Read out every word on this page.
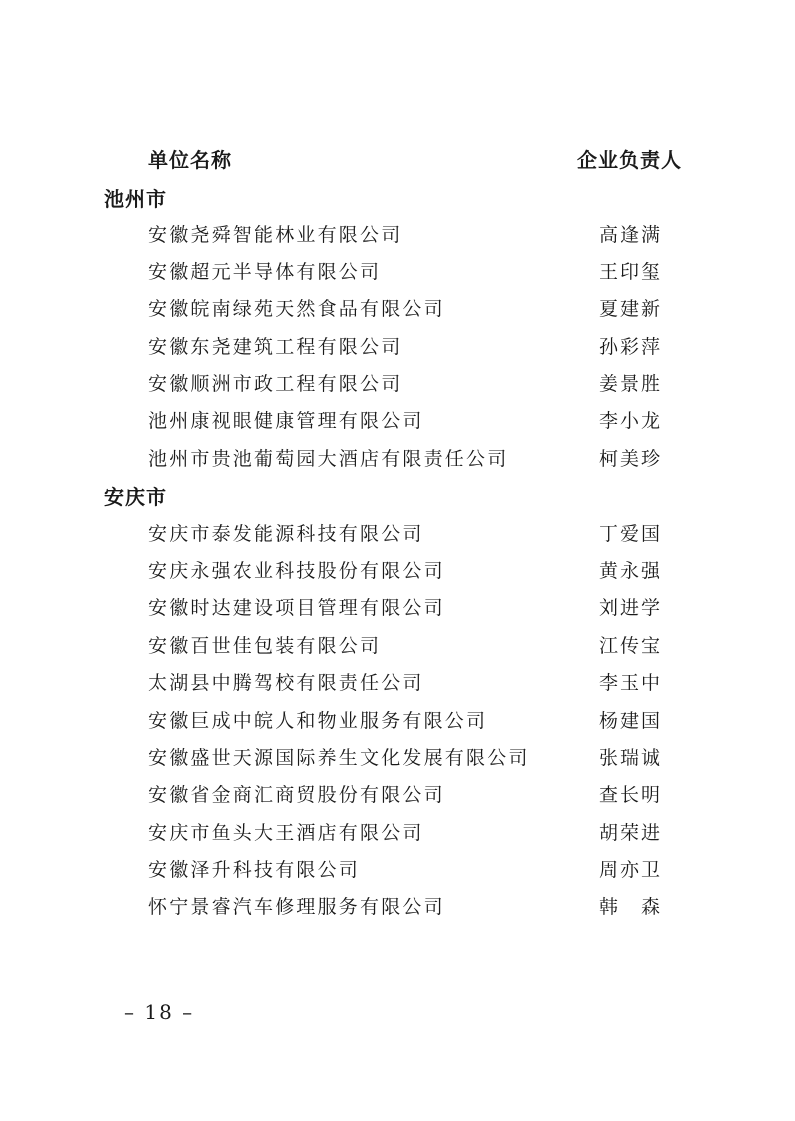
单位名称	企业负责人
池州市
安徽尧舜智能林业有限公司	高逢满
安徽超元半导体有限公司	王印玺
安徽皖南绿苑天然食品有限公司	夏建新
安徽东尧建筑工程有限公司	孙彩萍
安徽顺洲市政工程有限公司	姜景胜
池州康视眼健康管理有限公司	李小龙
池州市贵池葡萄园大酒店有限责任公司	柯美珍
安庆市
安庆市泰发能源科技有限公司	丁爱国
安庆永强农业科技股份有限公司	黄永强
安徽时达建设项目管理有限公司	刘进学
安徽百世佳包装有限公司	江传宝
太湖县中腾驾校有限责任公司	李玉中
安徽巨成中皖人和物业服务有限公司	杨建国
安徽盛世天源国际养生文化发展有限公司	张瑞诚
安徽省金商汇商贸股份有限公司	查长明
安庆市鱼头大王酒店有限公司	胡荣进
安徽泽升科技有限公司	周亦卫
怀宁景睿汽车修理服务有限公司	韩　森
– 18 –
